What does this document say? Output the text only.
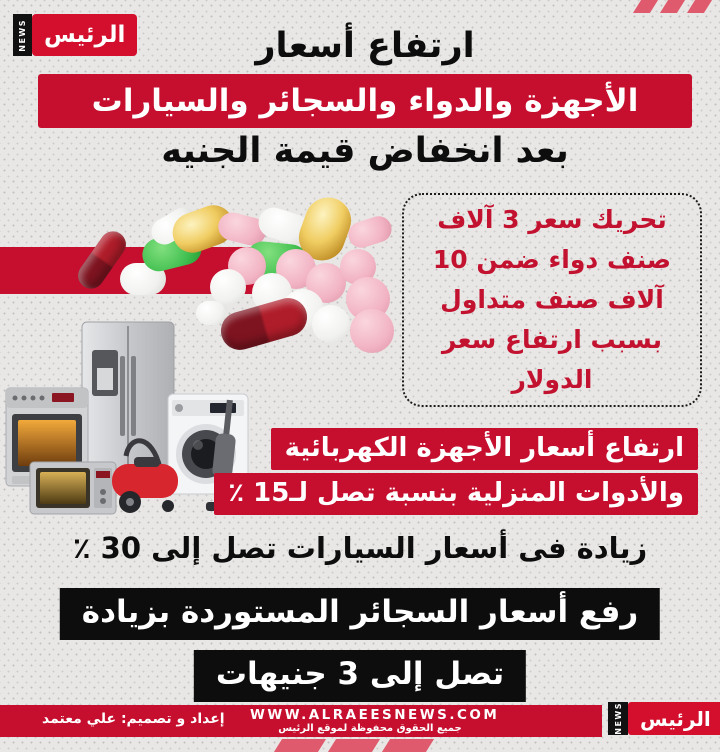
NEWS الرئيس	ارتفاع أسعار
الأجهزة والدواء والسجائر والسيارات
بعد انخفاض قيمة الجنيه
تحريك سعر 3 آلاف
صنف دواء ضمن 10
آلاف صنف متداول
بسبب ارتفاع سعر
الدولار
ارتفاع أسعار الأجهزة الكهربائية
والأدوات المنزلية بنسبة تصل لـ15 ٪
زيادة فى أسعار السيارات تصل إلى 30 ٪
رفع أسعار السجائر المستوردة بزيادة
تصل إلى 3 جنيهات
إعداد و تصميم: علي معتمد WWW.ALRAEESNEWS.COM
جميع الحقوق محفوظة لموقع الرئيس	NEWS الرئيس
